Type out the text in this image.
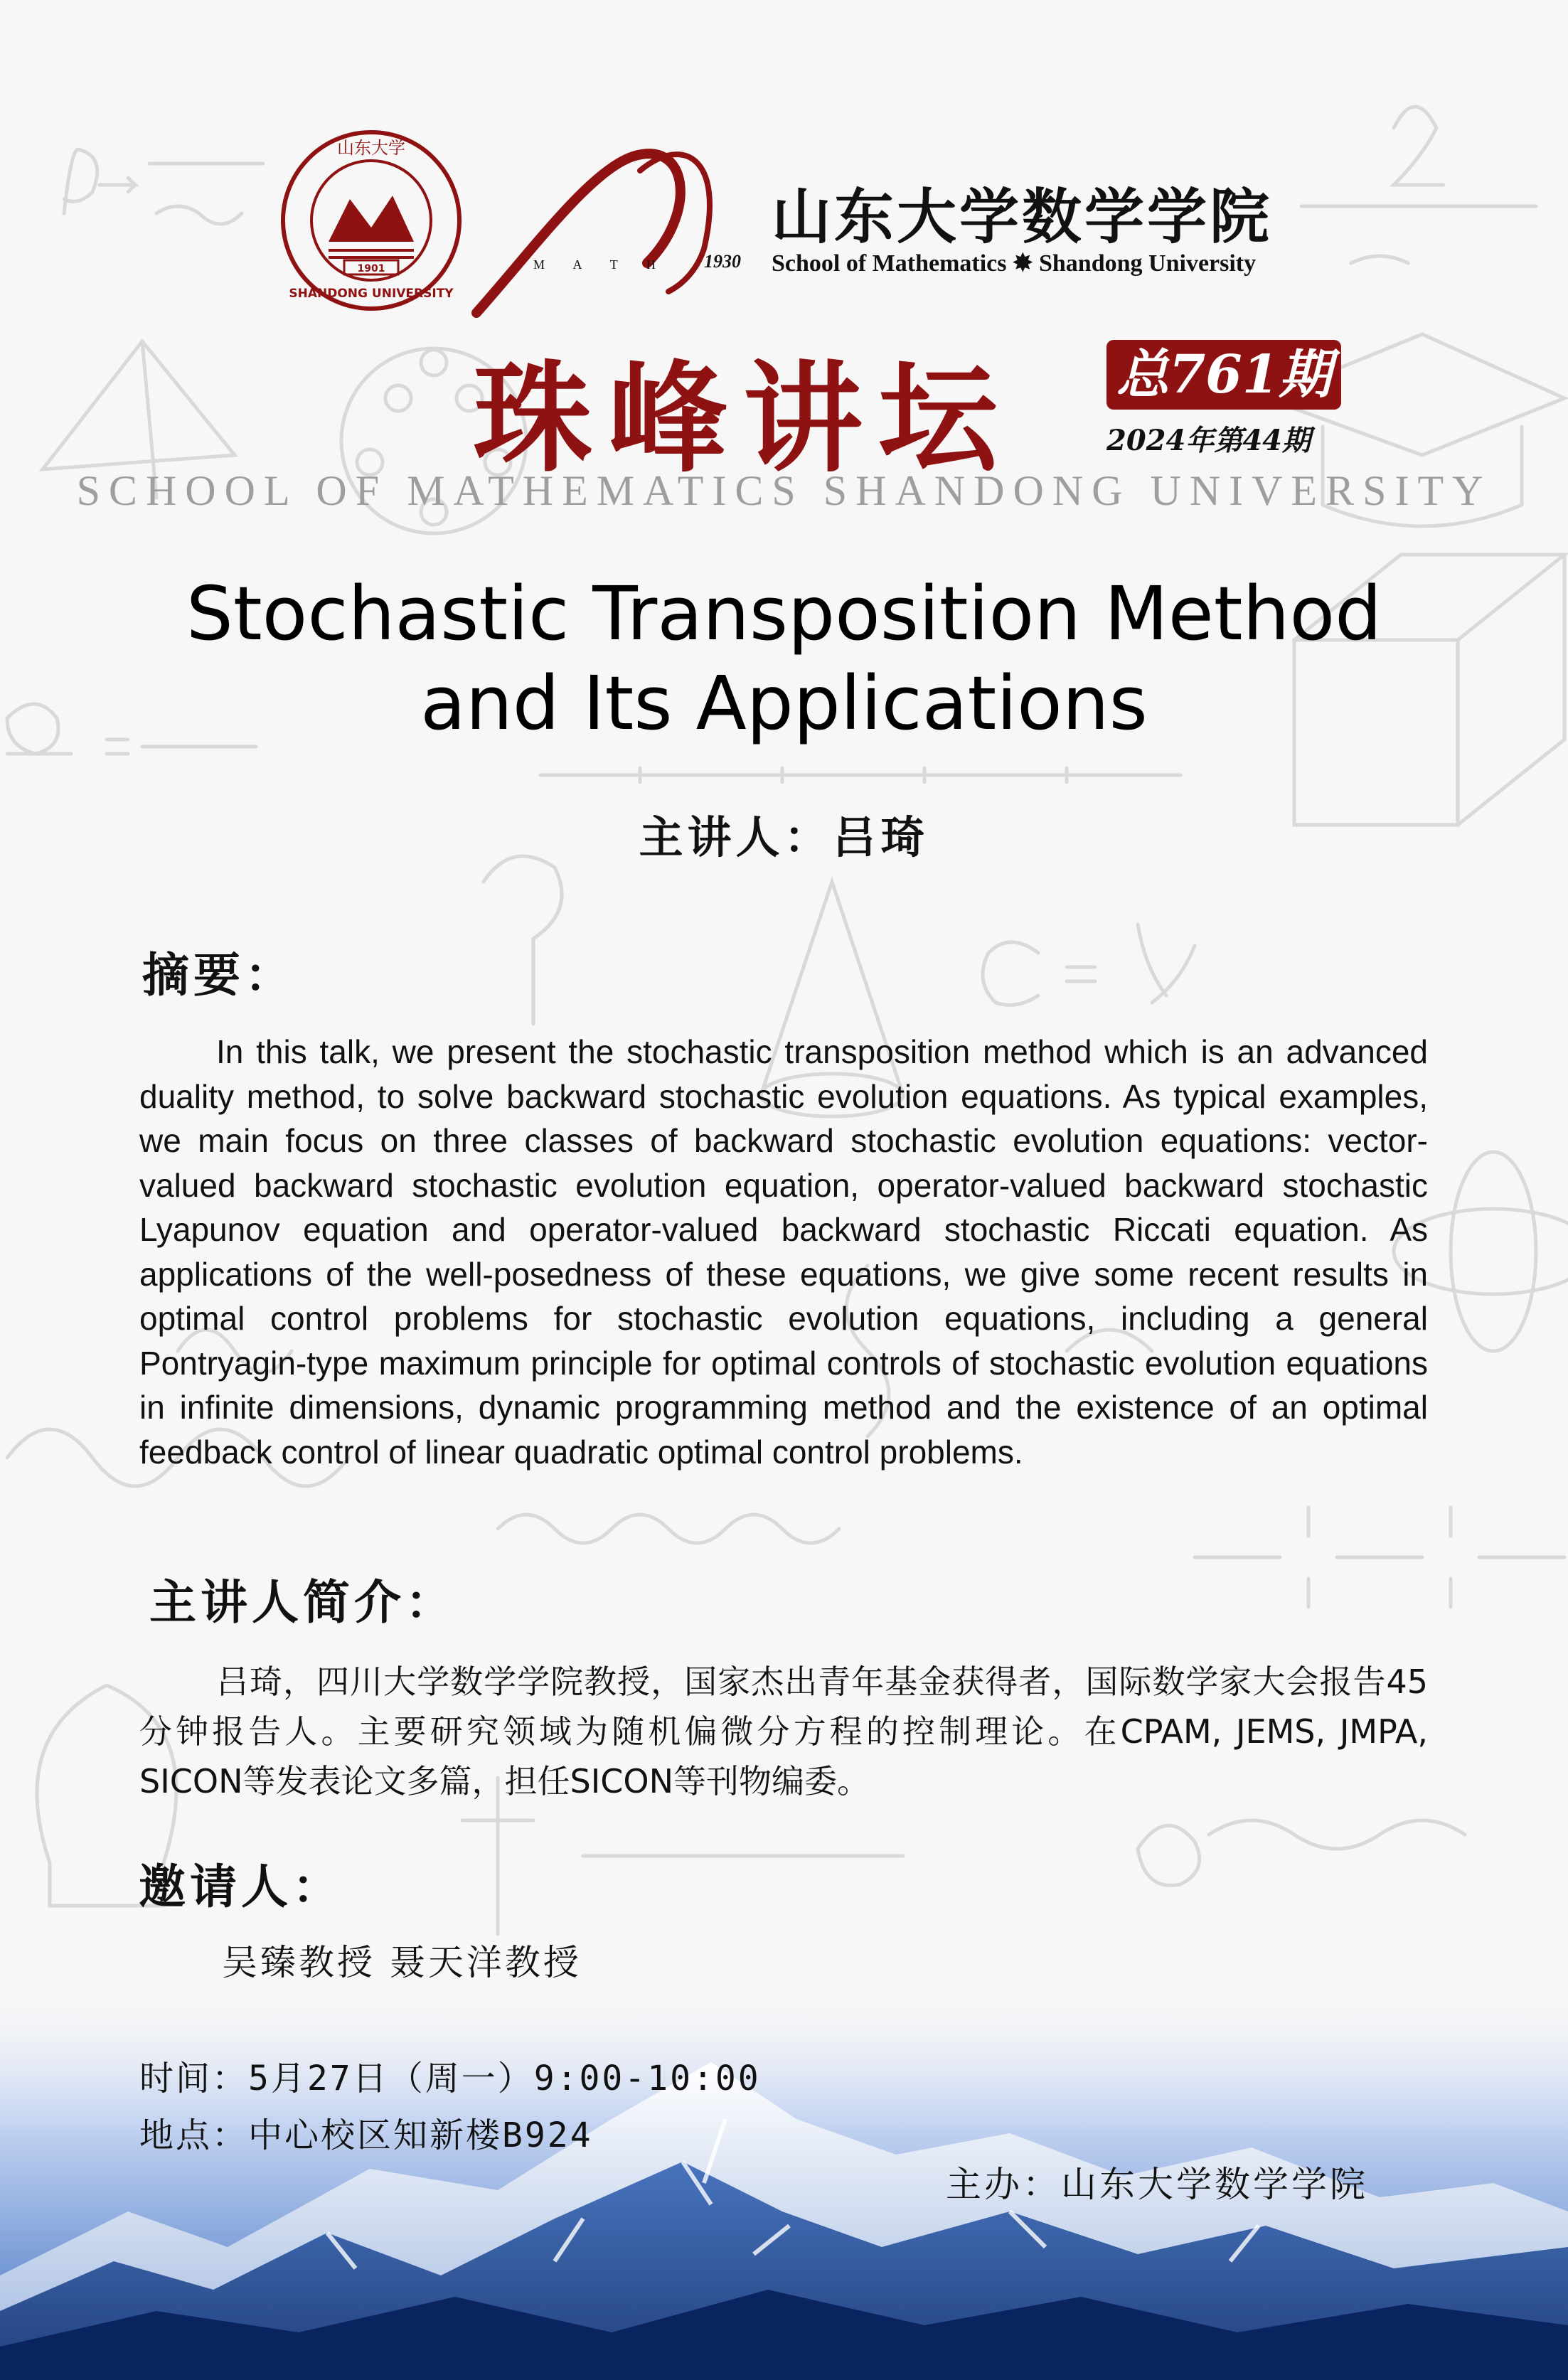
1901
山东大学
SHANDONG UNIVERSITY
M A T H 1930
山东大学数学学院
School of Mathematics ✸ Shandong University
珠峰讲坛 总761期
2024年第44期
SCHOOL OF MATHEMATICS SHANDONG UNIVERSITY
Stochastic Transposition Method
and Its Applications
主讲人：吕琦
摘要：
In this talk, we present the stochastic transposition method which is an advanced duality method, to solve backward stochastic evolution equations. As typical examples, we main focus on three classes of backward stochastic evolution equations: vector-valued backward stochastic evolution equation, operator-valued backward stochastic Lyapunov equation and operator-valued backward stochastic Riccati equation. As applications of the well-posedness of these equations, we give some recent results in optimal control problems for stochastic evolution equations, including a general Pontryagin-type maximum principle for optimal controls of stochastic evolution equations in infinite dimensions, dynamic programming method and the existence of an optimal feedback control of linear quadratic optimal control problems.
主讲人简介：
吕琦，四川大学数学学院教授，国家杰出青年基金获得者，国际数学家大会报告45分钟报告人。主要研究领域为随机偏微分方程的控制理论。在CPAM, JEMS, JMPA, SICON等发表论文多篇，担任SICON等刊物编委。
邀请人：
吴臻教授 聂天洋教授
时间：5月27日（周一）9:00-10:00
地点：中心校区知新楼B924
主办：山东大学数学学院
